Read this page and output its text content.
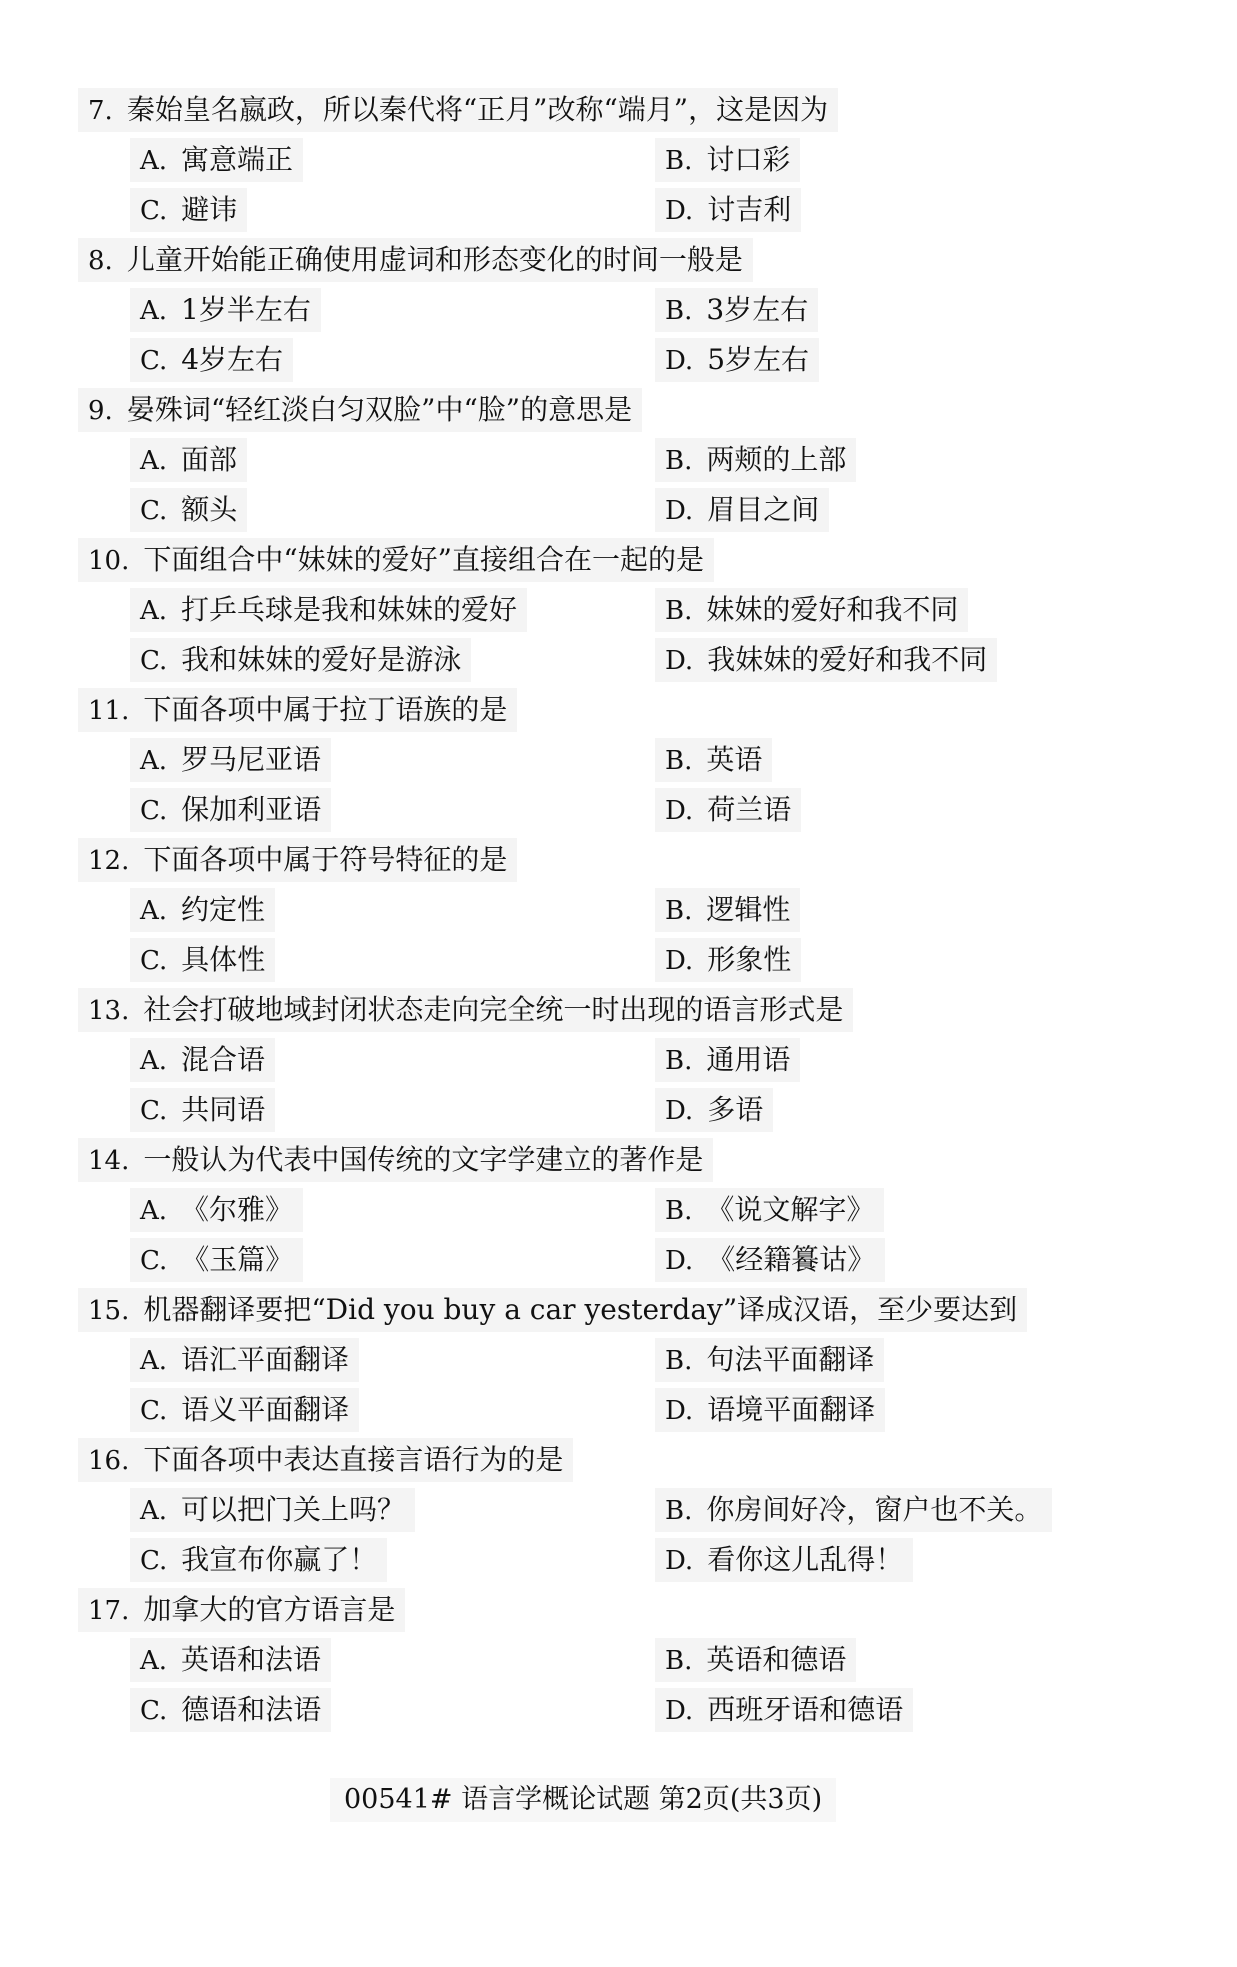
7. 秦始皇名嬴政，所以秦代将“正月”改称“端月”，这是因为
A. 寓意端正	B. 讨口彩
C. 避讳	D. 讨吉利
8. 儿童开始能正确使用虚词和形态变化的时间一般是
A. 1岁半左右	B. 3岁左右
C. 4岁左右	D. 5岁左右
9. 晏殊词“轻红淡白匀双脸”中“脸”的意思是
A. 面部	B. 两颊的上部
C. 额头	D. 眉目之间
10. 下面组合中“妹妹的爱好”直接组合在一起的是
A. 打乒乓球是我和妹妹的爱好	B. 妹妹的爱好和我不同
C. 我和妹妹的爱好是游泳	D. 我妹妹的爱好和我不同
11. 下面各项中属于拉丁语族的是
A. 罗马尼亚语	B. 英语
C. 保加利亚语	D. 荷兰语
12. 下面各项中属于符号特征的是
A. 约定性	B. 逻辑性
C. 具体性	D. 形象性
13. 社会打破地域封闭状态走向完全统一时出现的语言形式是
A. 混合语	B. 通用语
C. 共同语	D. 多语
14. 一般认为代表中国传统的文字学建立的著作是
A. 《尔雅》	B. 《说文解字》
C. 《玉篇》	D. 《经籍籑诂》
15. 机器翻译要把“Did you buy a car yesterday”译成汉语，至少要达到
A. 语汇平面翻译	B. 句法平面翻译
C. 语义平面翻译	D. 语境平面翻译
16. 下面各项中表达直接言语行为的是
A. 可以把门关上吗？	B. 你房间好冷，窗户也不关。
C. 我宣布你赢了！	D. 看你这儿乱得！
17. 加拿大的官方语言是
A. 英语和法语	B. 英语和德语
C. 德语和法语	D. 西班牙语和德语
00541# 语言学概论试题 第2页(共3页)
